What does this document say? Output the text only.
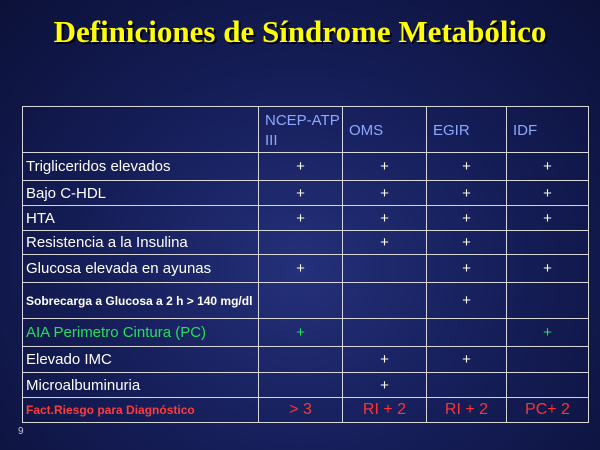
Definiciones de Síndrome Metabólico
	NCEP-ATP III	OMS	EGIR	IDF
Trigliceridos elevados	+	+	+	+
Bajo C-HDL	+	+	+	+
HTA	+	+	+	+
Resistencia a la Insulina		+	+	
Glucosa elevada en ayunas	+		+	+
Sobrecarga a Glucosa a 2 h > 140 mg/dl			+	
AIA Perimetro Cintura (PC)	+			+
Elevado IMC		+	+	
Microalbuminuria		+		
Fact.Riesgo para Diagnóstico	> 3	RI + 2	RI + 2	PC+ 2
9
